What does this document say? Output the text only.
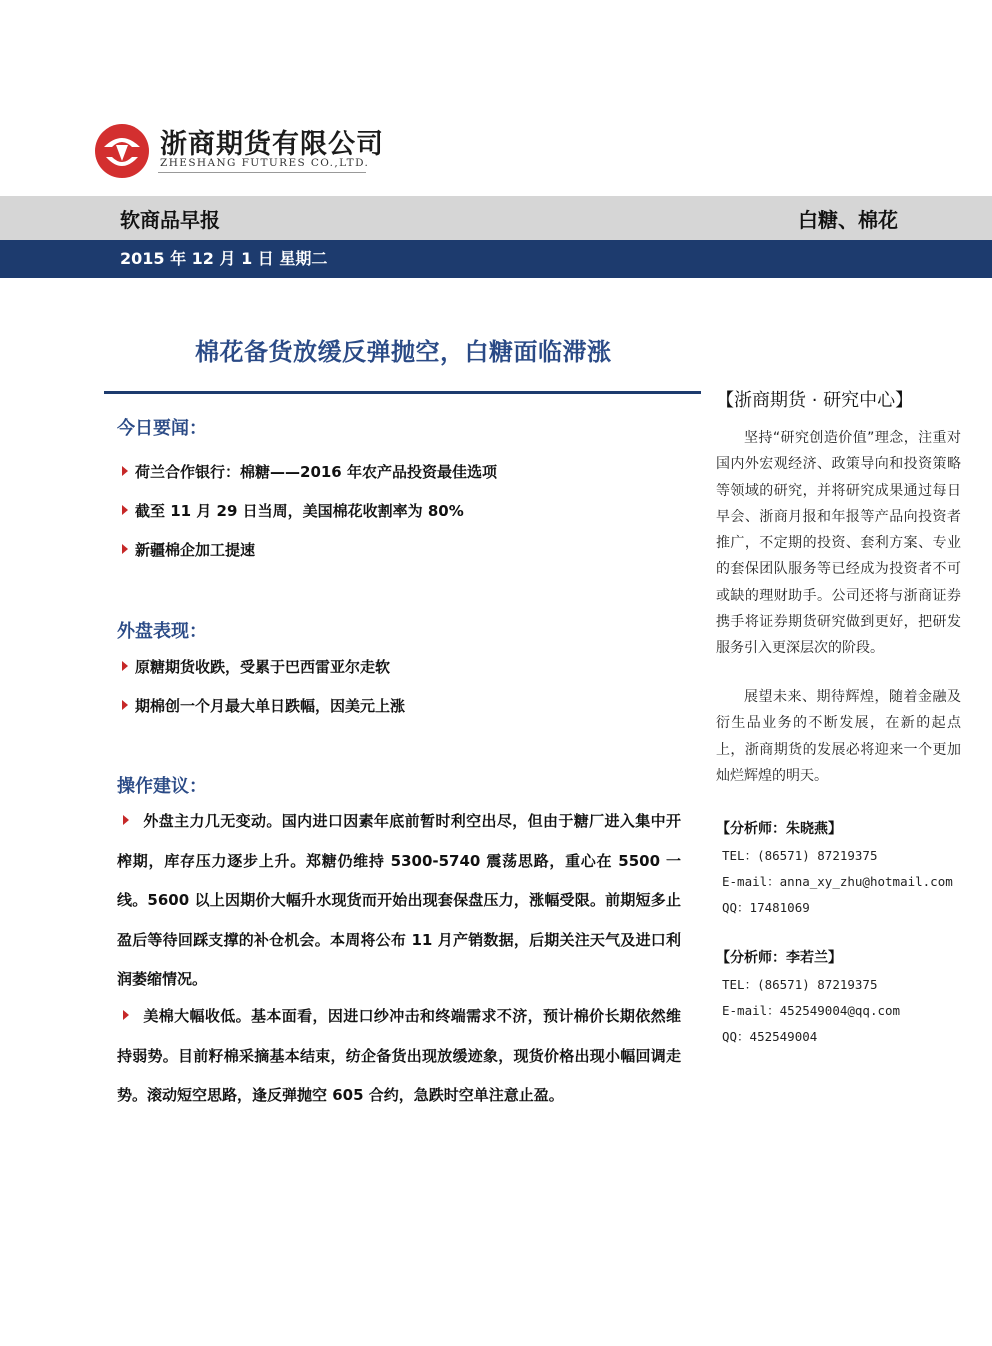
浙商期货有限公司
ZHESHANG FUTURES CO.,LTD.
软商品早报	白糖、棉花
2015 年 12 月 1 日 星期二
棉花备货放缓反弹抛空，白糖面临滞涨
今日要闻：
荷兰合作银行：棉糖——2016 年农产品投资最佳选项
截至 11 月 29 日当周，美国棉花收割率为 80%
新疆棉企加工提速
外盘表现：
原糖期货收跌，受累于巴西雷亚尔走软
期棉创一个月最大单日跌幅，因美元上涨
操作建议：
外盘主力几无变动。国内进口因素年底前暂时利空出尽，但由于糖厂进入集中开榨期，库存压力逐步上升。郑糖仍维持 5300-5740 震荡思路，重心在 5500 一线。5600 以上因期价大幅升水现货而开始出现套保盘压力，涨幅受限。前期短多止盈后等待回踩支撑的补仓机会。本周将公布 11 月产销数据，后期关注天气及进口利润萎缩情况。
美棉大幅收低。基本面看，因进口纱冲击和终端需求不济，预计棉价长期依然维持弱势。目前籽棉采摘基本结束，纺企备货出现放缓迹象，现货价格出现小幅回调走势。滚动短空思路，逢反弹抛空 605 合约，急跌时空单注意止盈。
【浙商期货 · 研究中心】
坚持“研究创造价值”理念，注重对国内外宏观经济、政策导向和投资策略等领域的研究，并将研究成果通过每日早会、浙商月报和年报等产品向投资者推广，不定期的投资、套利方案、专业的套保团队服务等已经成为投资者不可或缺的理财助手。公司还将与浙商证券携手将证券期货研究做到更好，把研发服务引入更深层次的阶段。
展望未来、期待辉煌，随着金融及衍生品业务的不断发展，在新的起点上，浙商期货的发展必将迎来一个更加灿烂辉煌的明天。
【分析师：朱晓燕】
TEL：(86571) 87219375
E-mail：anna_xy_zhu@hotmail.com
QQ：17481069
【分析师：李若兰】
TEL：(86571) 87219375
E-mail：452549004@qq.com
QQ：452549004
